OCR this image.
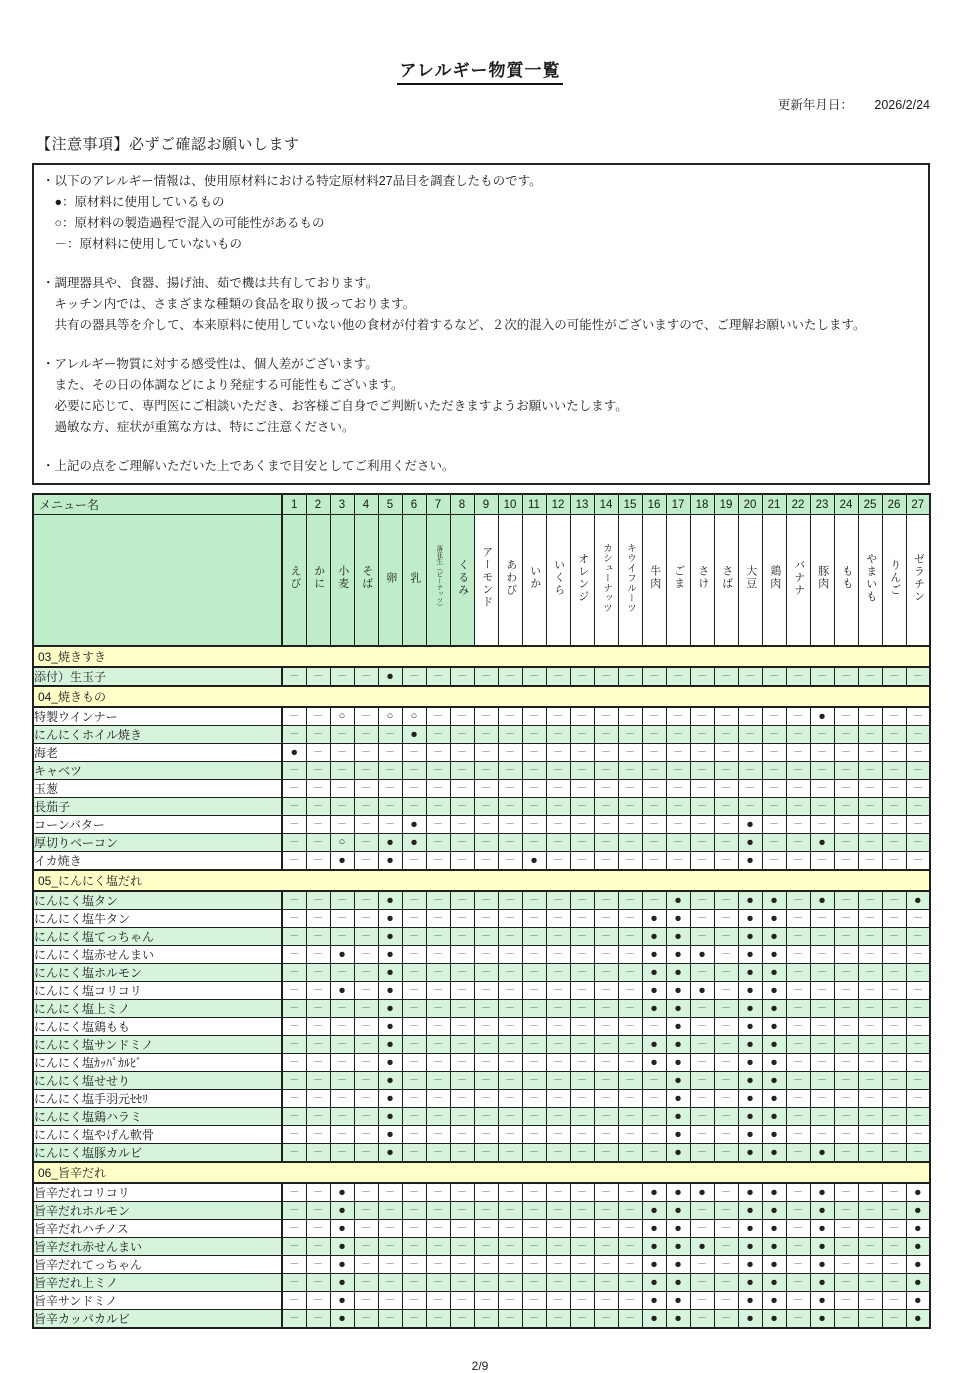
アレルギー物質一覧
更新年月日： 2026/2/24
【注意事項】必ずご確認お願いします
・以下のアレルギー情報は、使用原材料における特定原材料27品目を調査したものです。
　●：原材料に使用しているもの
　○：原材料の製造過程で混入の可能性があるもの
　－：原材料に使用していないもの
・調理器具や、食器、揚げ油、茹で機は共有しております。
　キッチン内では、さまざまな種類の食品を取り扱っております。
　共有の器具等を介して、本来原料に使用していない他の食材が付着するなど、２次的混入の可能性がございますので、ご理解お願いいたします。
・アレルギー物質に対する感受性は、個人差がございます。
　また、その日の体調などにより発症する可能性もございます。
　必要に応じて、専門医にご相談いただき、お客様ご自身でご判断いただきますようお願いいたします。
　過敏な方、症状が重篤な方は、特にご注意ください。
・上記の点をご理解いただいた上であくまで目安としてご利用ください。
メニュー名	1	2	3	4	5	6	7	8	9	10	11	12	13	14	15	16	17	18	19	20	21	22	23	24	25	26	27
	えび	かに	小麦	そば	卵	乳	落花生（ピーナッツ）	くるみ	アーモンド	あわび	いか	いくら	オレンジ	カシューナッツ	キウイフルーツ	牛肉	ごま	さけ	さば	大豆	鶏肉	バナナ	豚肉	もも	やまいも	りんご	ゼラチン
03_焼きすき																											
添付）生玉子	－	－	－	－	●	－	－	－	－	－	－	－	－	－	－	－	－	－	－	－	－	－	－	－	－	－	－
04_焼きもの																											
特製ウインナー	－	－	○	－	○	○	－	－	－	－	－	－	－	－	－	－	－	－	－	－	－	－	●	－	－	－	－
にんにくホイル焼き	－	－	－	－	－	●	－	－	－	－	－	－	－	－	－	－	－	－	－	－	－	－	－	－	－	－	－
海老	●	－	－	－	－	－	－	－	－	－	－	－	－	－	－	－	－	－	－	－	－	－	－	－	－	－	－
キャベツ	－	－	－	－	－	－	－	－	－	－	－	－	－	－	－	－	－	－	－	－	－	－	－	－	－	－	－
玉葱	－	－	－	－	－	－	－	－	－	－	－	－	－	－	－	－	－	－	－	－	－	－	－	－	－	－	－
長茄子	－	－	－	－	－	－	－	－	－	－	－	－	－	－	－	－	－	－	－	－	－	－	－	－	－	－	－
コーンバター	－	－	－	－	－	●	－	－	－	－	－	－	－	－	－	－	－	－	－	●	－	－	－	－	－	－	－
厚切りベーコン	－	－	○	－	●	●	－	－	－	－	－	－	－	－	－	－	－	－	－	●	－	－	●	－	－	－	－
イカ焼き	－	－	●	－	●	－	－	－	－	－	●	－	－	－	－	－	－	－	－	●	－	－	－	－	－	－	－
05_にんにく塩だれ																											
にんにく塩タン	－	－	－	－	●	－	－	－	－	－	－	－	－	－	－	－	●	－	－	●	●	－	●	－	－	－	●
にんにく塩牛タン	－	－	－	－	●	－	－	－	－	－	－	－	－	－	－	●	●	－	－	●	●	－	－	－	－	－	－
にんにく塩てっちゃん	－	－	－	－	●	－	－	－	－	－	－	－	－	－	－	●	●	－	－	●	●	－	－	－	－	－	－
にんにく塩赤せんまい	－	－	●	－	●	－	－	－	－	－	－	－	－	－	－	●	●	●	－	●	●	－	－	－	－	－	－
にんにく塩ホルモン	－	－	－	－	●	－	－	－	－	－	－	－	－	－	－	●	●	－	－	●	●	－	－	－	－	－	－
にんにく塩コリコリ	－	－	●	－	●	－	－	－	－	－	－	－	－	－	－	●	●	●	－	●	●	－	－	－	－	－	－
にんにく塩上ミノ	－	－	－	－	●	－	－	－	－	－	－	－	－	－	－	●	●	－	－	●	●	－	－	－	－	－	－
にんにく塩鶏もも	－	－	－	－	●	－	－	－	－	－	－	－	－	－	－	－	●	－	－	●	●	－	－	－	－	－	－
にんにく塩サンドミノ	－	－	－	－	●	－	－	－	－	－	－	－	－	－	－	●	●	－	－	●	●	－	－	－	－	－	－
にんにく塩ｶｯﾊﾟｶﾙﾋﾞ	－	－	－	－	●	－	－	－	－	－	－	－	－	－	－	●	●	－	－	●	●	－	－	－	－	－	－
にんにく塩せせり	－	－	－	－	●	－	－	－	－	－	－	－	－	－	－	－	●	－	－	●	●	－	－	－	－	－	－
にんにく塩手羽元ｾｾﾘ	－	－	－	－	●	－	－	－	－	－	－	－	－	－	－	－	●	－	－	●	●	－	－	－	－	－	－
にんにく塩鶏ハラミ	－	－	－	－	●	－	－	－	－	－	－	－	－	－	－	－	●	－	－	●	●	－	－	－	－	－	－
にんにく塩やげん軟骨	－	－	－	－	●	－	－	－	－	－	－	－	－	－	－	－	●	－	－	●	●	－	－	－	－	－	－
にんにく塩豚カルビ	－	－	－	－	●	－	－	－	－	－	－	－	－	－	－	－	●	－	－	●	●	－	●	－	－	－	－
06_旨辛だれ																											
旨辛だれコリコリ	－	－	●	－	－	－	－	－	－	－	－	－	－	－	－	●	●	●	－	●	●	－	●	－	－	－	●
旨辛だれホルモン	－	－	●	－	－	－	－	－	－	－	－	－	－	－	－	●	●	－	－	●	●	－	●	－	－	－	●
旨辛だれハチノス	－	－	●	－	－	－	－	－	－	－	－	－	－	－	－	●	●	－	－	●	●	－	●	－	－	－	●
旨辛だれ赤せんまい	－	－	●	－	－	－	－	－	－	－	－	－	－	－	－	●	●	●	－	●	●	－	●	－	－	－	●
旨辛だれてっちゃん	－	－	●	－	－	－	－	－	－	－	－	－	－	－	－	●	●	－	－	●	●	－	●	－	－	－	●
旨辛だれ上ミノ	－	－	●	－	－	－	－	－	－	－	－	－	－	－	－	●	●	－	－	●	●	－	●	－	－	－	●
旨辛サンドミノ	－	－	●	－	－	－	－	－	－	－	－	－	－	－	－	●	●	－	－	●	●	－	●	－	－	－	●
旨辛カッパカルビ	－	－	●	－	－	－	－	－	－	－	－	－	－	－	－	●	●	－	－	●	●	－	●	－	－	－	●
2/9
